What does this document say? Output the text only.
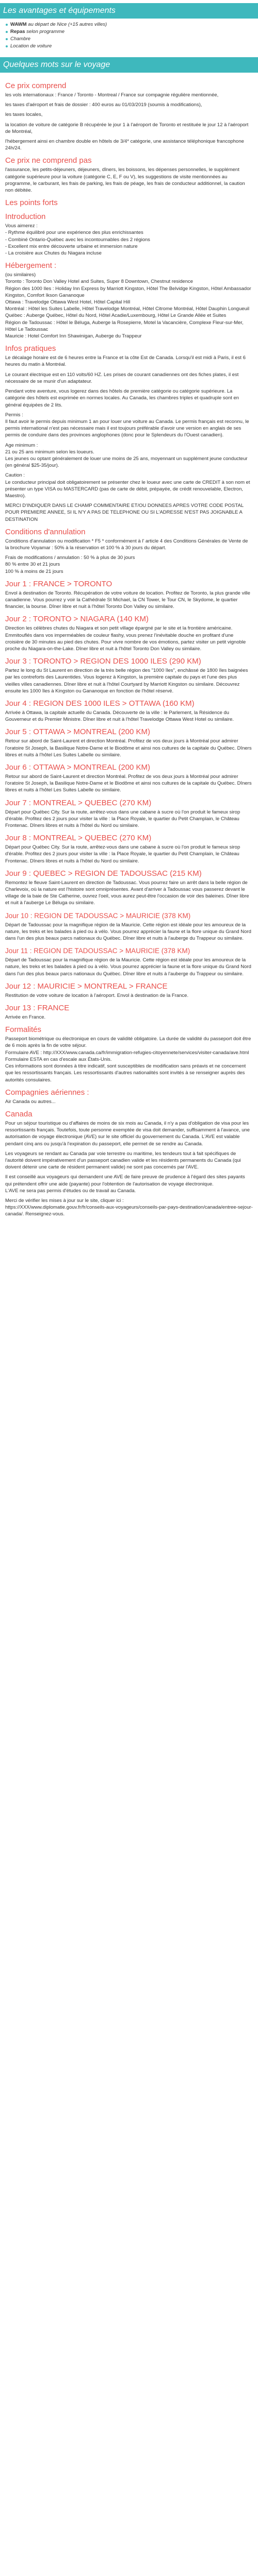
Les avantages et équipements
WAWM au départ de Nice (+15 autres villes)
Repas selon programme
Chambre
Location de voiture
Quelques mots sur le voyage
Ce prix comprend

les vols internationaux : France / Toronto - Montreal / France sur compagnie régulière mentionnée,

les taxes d'aéroport et frais de dossier : 400 euros au 01/03/2019 (soumis à modifications),

les taxes locales,

la location de voiture de catégorie B récupérée le jour 1 à l'aéroport de Toronto et restituée le jour 12 à l'aéroport de Montréal,

l'hébergement ainsi en chambre double en hôtels de 3/4* catégorie, une assistance téléphonique francophone 24h/24.

Ce prix ne comprend pas

l'assurance, les petits-déjeuners, déjeuners, dîners, les boissons, les dépenses personnelles, le supplément catégorie supérieure pour la voiture (catégorie C, E, F ou V), les suggestions de visite mentionnées au programme, le carburant, les frais de parking, les frais de péage, les frais de conducteur additionnel, la caution non débitée.

Les points forts
Introduction

Vous aimerez :
- Rythme équilibré pour une expérience des plus enrichissantes
- Combiné Ontario-Québec avec les incontournables des 2 régions
- Excellent mix entre découverte urbaine et immersion nature
- La croisière aux Chutes du Niagara incluse

Hébergement :

(ou similaires)
Toronto : Toronto Don Valley Hotel and Suites, Super 8 Downtown, Chestnut residence
Région des 1000 Iles : Holiday Inn Express by Marriott Kingston, Hôtel The Belvidge Kingston, Hôtel Ambassador Kingston, Comfort Ikson Gananoque
Ottawa : Travelodge Ottawa West Hotel, Hôtel Capital Hill
Montréal : Hôtel les Suites Labelle, Hôtel Travelodge Montréal, Hôtel Citrome Montréal, Hôtel Dauphin Longueuil
Québec : Auberge Québec, Hôtel du Nord, Hôtel Acadie/Luxembourg, Hôtel Le Grande Allée et Suites
Région de Tadoussac : Hôtel le Béluga, Auberge la Rosepierre, Motel la Vacancière, Complexe Fleur-sur-Mer, Hôtel Le Tadoussac
Mauricie : Hotel Comfort Inn Shawinigan, Auberge du Trappeur

Infos pratiques

Le décalage horaire est de 6 heures entre la France et la côte Est de Canada. Lorsqu'il est midi à Paris, il est 6 heures du matin à Montréal.

Le courant électrique est en 110 volts/60 HZ. Les prises de courant canadiennes ont des fiches plates, il est nécessaire de se munir d'un adaptateur.

Pendant votre aventure, vous logerez dans des hôtels de première catégorie ou catégorie supérieure. La catégorie des hôtels est exprimée en normes locales. Au Canada, les chambres triples et quadruple sont en général équipées de 2 lits.

Permis :
Il faut avoir le permis depuis minimum 1 an pour louer une voiture au Canada. Le permis français est reconnu, le permis international n'est pas nécessaire mais il est toujours préférable d'avoir une version en anglais de ses permis de conduire dans des provinces anglophones (donc pour le Splendeurs du l'Ouest canadien).

Age minimum :
21 ou 25 ans minimum selon les loueurs.
Les jeunes ou optant généralement de louer une moins de 25 ans, moyennant un supplément jeune conducteur (en général $25-35/jour).

Caution :
Le conducteur principal doit obligatoirement se présenter chez le loueur avec une carte de CREDIT à son nom et présenter un type VISA ou MASTERCARD (pas de carte de débit, prépayée, de crédit renouvelable, Electron, Maestro).

MERCI D'INDIQUER DANS LE CHAMP COMMENTAIRE ET/OU DONNEES APRES VOTRE CODE POSTAL POUR PREMIERE ANNEE, SI IL N'Y A PAS DE TELEPHONE OU SI L'ADRESSE N'EST PAS JOIGNABLE A DESTINATION

Conditions d'annulation

Conditions d'annulation ou modification * F5 * conformément à l' article 4 des Conditions Générales de Vente de la brochure Voyamar : 50% à la réservation et 100 % à 30 jours du départ.

Frais de modifications / annulation : 50 % à plus de 30 jours
80 % entre 30 et 21 jours
100 % à moins de 21 jours

Jour 1 : FRANCE > TORONTO

Envol à destination de Toronto. Récupération de votre voiture de location. Profitez de Toronto, la plus grande ville canadienne. Vous pourrez y voir la Cathédrale St Michael, la CN Tower, le Tour CN, le Skydome, le quartier financier, la bourse. Dîner libre et nuit à l'hôtel Toronto Don Valley ou similaire.

Jour 2 : TORONTO > NIAGARA (140 KM)

Direction les célèbres chutes du Niagara et son petit village épargné par le site et la frontière américaine. Emmitouflés dans vos imperméables de couleur flashy, vous prenez l'inévitable douche en profitant d'une croisière de 30 minutes au pied des chutes. Pour vivre nombre de vos émotions, partez visiter un petit vignoble proche du Niagara-on-the-Lake. Dîner libre et nuit à l'hôtel Toronto Don Valley ou similaire.

Jour 3 : TORONTO > REGION DES 1000 ILES (290 KM)

Partez le long du St Laurent en direction de la très belle région des "1000 îles", enchâssé de 1800 îles baignées par les contreforts des Laurentides. Vous logerez à Kingston, la première capitale du pays et l'une des plus vieilles villes canadiennes. Dîner libre et nuit à l'hôtel Courtyard by Marriott Kingston ou similaire. Découvrez ensuite les 1000 îles à Kingston ou Gananoque en fonction de l'hôtel réservé.

Jour 4 : REGION DES 1000 ILES > OTTAWA (160 KM)

Arrivée à Ottawa, la capitale actuelle du Canada. Découverte de la ville : le Parlement, la Résidence du Gouverneur et du Premier Ministre. Dîner libre et nuit à l'hôtel Travelodge Ottawa West Hotel ou similaire.

Jour 5 : OTTAWA > MONTREAL (200 KM)

Retour sur abord de Saint-Laurent et direction Montréal. Profitez de vos deux jours à Montréal pour admirer l'oratoire St Joseph, la Basilique Notre-Dame et le Biodôme et ainsi nos cultures de la capitale du Québec. Dîners libres et nuits à l'hôtel Les Suites Labelle ou similaire.

Jour 6 : OTTAWA > MONTREAL (200 KM)

Retour sur abord de Saint-Laurent et direction Montréal. Profitez de vos deux jours à Montréal pour admirer l'oratoire St Joseph, la Basilique Notre-Dame et le Biodôme et ainsi nos cultures de la capitale du Québec. Dîners libres et nuits à l'hôtel Les Suites Labelle ou similaire.

Jour 7 : MONTREAL > QUEBEC (270 KM)

Départ pour Québec City. Sur la route, arrêtez-vous dans une cabane à sucre où l'on produit le fameux sirop d'érable. Profitez des 2 jours pour visiter la ville : la Place Royale, le quartier du Petit Champlain, le Château Frontenac. Dîners libres et nuits à l'hôtel du Nord ou similaire.

Jour 8 : MONTREAL > QUEBEC (270 KM)

Départ pour Québec City. Sur la route, arrêtez-vous dans une cabane à sucre où l'on produit le fameux sirop d'érable. Profitez des 2 jours pour visiter la ville : la Place Royale, le quartier du Petit Champlain, le Château Frontenac. Dîners libres et nuits à l'hôtel du Nord ou similaire.

Jour 9 : QUEBEC > REGION DE TADOUSSAC (215 KM)

Remontez le fleuve Saint-Laurent en direction de Tadoussac. Vous pourrez faire un arrêt dans la belle région de Charlevoix, où la nature est l'histoire sont omniprésentes. Avant d'arriver à Tadoussac vous passerez devant le village de la baie de Ste Catherine, ouvrez l'oeil, vous aurez peut-être l'occasion de voir des baleines. Dîner libre et nuit à l'auberge Le Béluga ou similaire.

Jour 10 : REGION DE TADOUSSAC > MAURICIE (378 KM)

Départ de Tadoussac pour la magnifique région de la Mauricie. Cette région est idéale pour les amoureux de la nature, les treks et les balades à pied ou à vélo. Vous pourrez apprécier la faune et la flore unique du Grand Nord dans l'un des plus beaux parcs nationaux du Québec. Dîner libre et nuits à l'auberge du Trappeur ou similaire.

Jour 11 : REGION DE TADOUSSAC > MAURICIE (378 KM)

Départ de Tadoussac pour la magnifique région de la Mauricie. Cette région est idéale pour les amoureux de la nature, les treks et les balades à pied ou à vélo. Vous pourrez apprécier la faune et la flore unique du Grand Nord dans l'un des plus beaux parcs nationaux du Québec. Dîner libre et nuits à l'auberge du Trappeur ou similaire.

Jour 12 : MAURICIE > MONTREAL > FRANCE

Restitution de votre voiture de location à l'aéroport. Envol à destination de la France.

Jour 13 : FRANCE

Arrivée en France.

Formalités

Passeport biométrique ou électronique en cours de validité obligatoire. La durée de validité du passeport doit être de 6 mois après la fin de votre séjour.
Formulaire AVE : http://XXX/www.canada.ca/fr/immigration-refugies-citoyennete/services/visiter-canada/ave.html
Formulaire ESTA en cas d'escale aux États-Unis.
Ces informations sont données à titre indicatif, sont susceptibles de modification sans préavis et ne concernent que les ressortissants français. Les ressortissants d'autres nationalités sont invités à se renseigner auprès des autorités consulaires.

Compagnies aériennes :

Air Canada ou autres...

Canada

Pour un séjour touristique ou d'affaires de moins de six mois au Canada, il n'y a pas d'obligation de visa pour les ressortissants français. Toutefois, toute personne exemptée de visa doit demander, suffisamment à l'avance, une autorisation de voyage électronique (AVE) sur le site officiel du gouvernement du Canada. L'AVE est valable pendant cinq ans ou jusqu'à l'expiration du passeport, elle permet de se rendre au Canada.

Les voyageurs se rendant au Canada par voie terrestre ou maritime, les tendeurs tout à fait spécifiques de l'autorité doivent impérativement d'un passeport canadien valide et les résidents permanents du Canada (qui doivent détenir une carte de résident permanent valide) ne sont pas concernés par l'AVE.

Il est conseillé aux voyageurs qui demandent une AVE de faire preuve de prudence à l'égard des sites payants qui prétendent offrir une aide (payante) pour l'obtention de l'autorisation de voyage électronique.
L'AVE ne sera pas permis d'études ou de travail au Canada.

Merci de vérifier les mises à jour sur le site, cliquer ici :
https://XXX/www.diplomatie.gouv.fr/fr/conseils-aux-voyageurs/conseils-par-pays-destination/canada/entree-sejour-canada/. Renseignez-vous.
